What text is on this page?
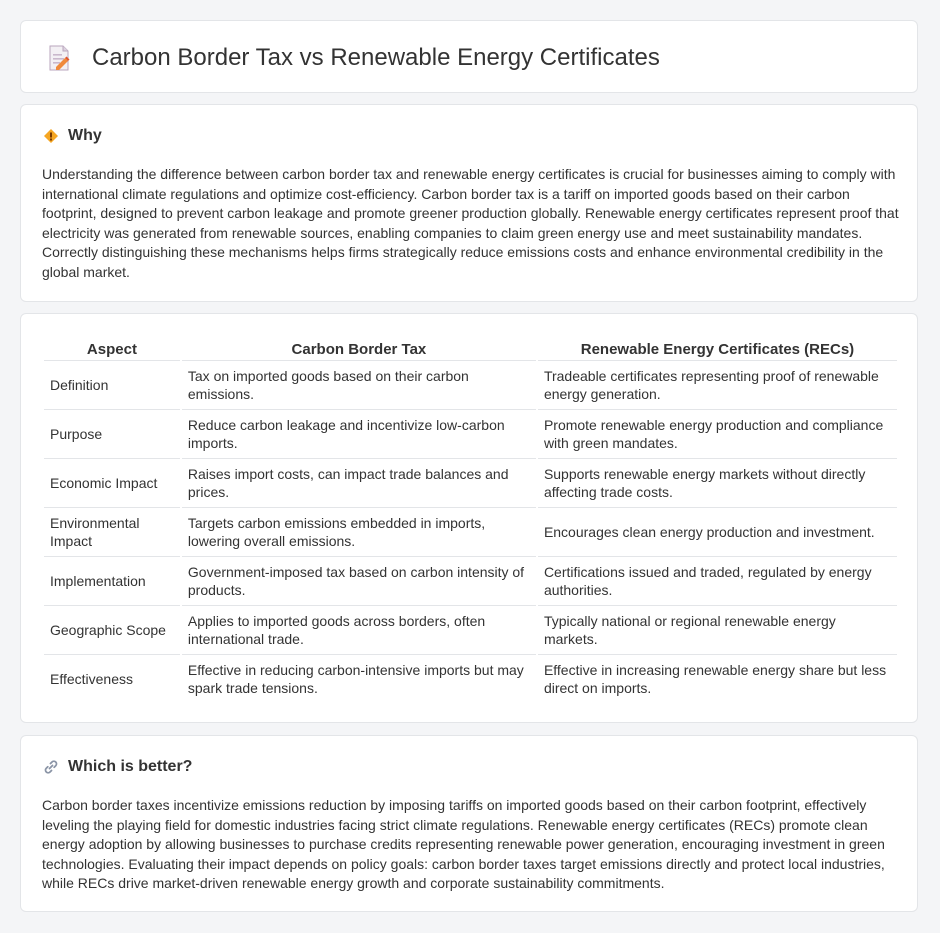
Carbon Border Tax vs Renewable Energy Certificates
Why

Understanding the difference between carbon border tax and renewable energy certificates is crucial for businesses aiming to comply with international climate regulations and optimize cost-efficiency. Carbon border tax is a tariff on imported goods based on their carbon footprint, designed to prevent carbon leakage and promote greener production globally. Renewable energy certificates represent proof that electricity was generated from renewable sources, enabling companies to claim green energy use and meet sustainability mandates. Correctly distinguishing these mechanisms helps firms strategically reduce emissions costs and enhance environmental credibility in the global market.

Aspect	Carbon Border Tax	Renewable Energy Certificates (RECs)
Definition	Tax on imported goods based on their carbon emissions.	Tradeable certificates representing proof of renewable energy generation.
Purpose	Reduce carbon leakage and incentivize low-carbon imports.	Promote renewable energy production and compliance with green mandates.
Economic Impact	Raises import costs, can impact trade balances and prices.	Supports renewable energy markets without directly affecting trade costs.
Environmental Impact	Targets carbon emissions embedded in imports, lowering overall emissions.	Encourages clean energy production and investment.
Implementation	Government-imposed tax based on carbon intensity of products.	Certifications issued and traded, regulated by energy authorities.
Geographic Scope	Applies to imported goods across borders, often international trade.	Typically national or regional renewable energy markets.
Effectiveness	Effective in reducing carbon-intensive imports but may spark trade tensions.	Effective in increasing renewable energy share but less direct on imports.
Which is better?

Carbon border taxes incentivize emissions reduction by imposing tariffs on imported goods based on their carbon footprint, effectively leveling the playing field for domestic industries facing strict climate regulations. Renewable energy certificates (RECs) promote clean energy adoption by allowing businesses to purchase credits representing renewable power generation, encouraging investment in green technologies. Evaluating their impact depends on policy goals: carbon border taxes target emissions directly and protect local industries, while RECs drive market-driven renewable energy growth and corporate sustainability commitments.
